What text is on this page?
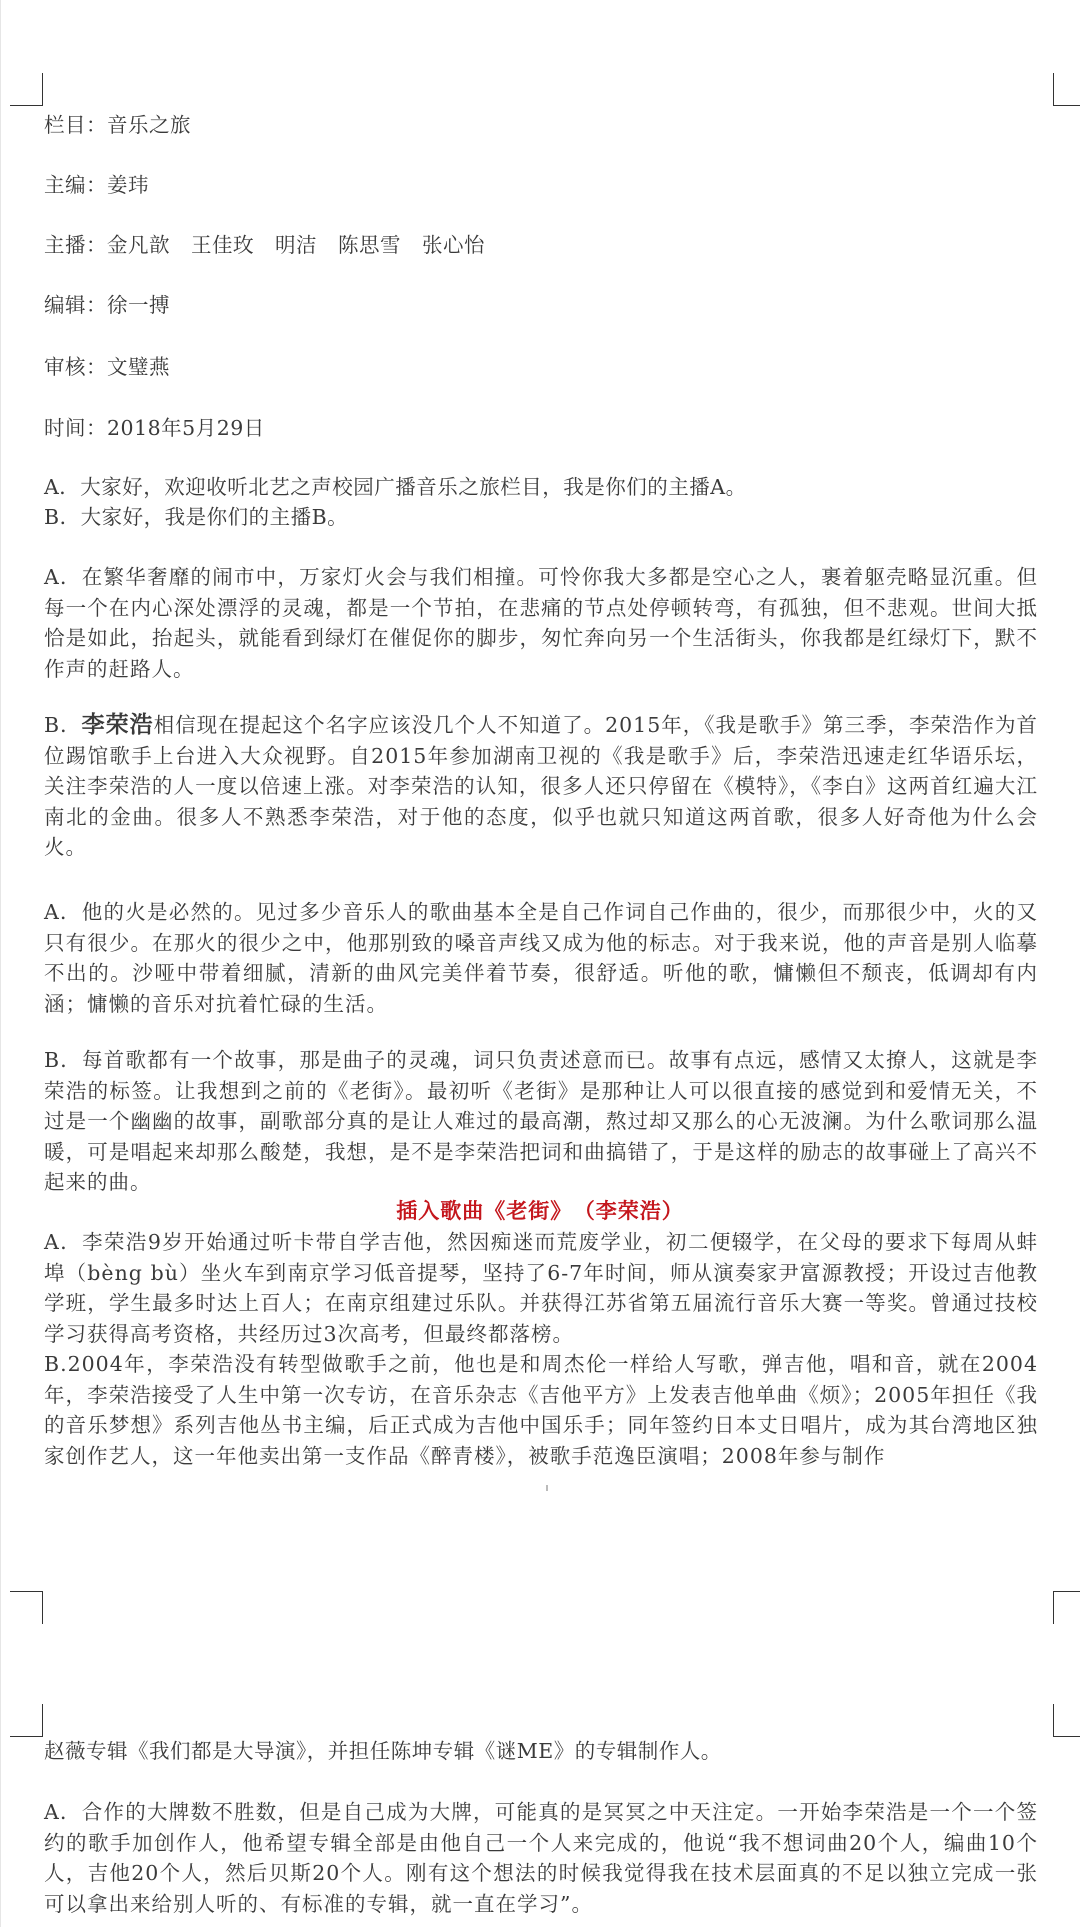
栏目：音乐之旅
主编：姜玮
主播：金凡歆　王佳玫　明洁　陈思雪　张心怡
编辑：徐一搏
审核：文璧燕
时间：2018年5月29日
A．大家好，欢迎收听北艺之声校园广播音乐之旅栏目，我是你们的主播A。
B．大家好，我是你们的主播B。
A．在繁华奢靡的闹市中，万家灯火会与我们相撞。可怜你我大多都是空心之人，裹着躯壳略显沉重。但每一个在内心深处漂浮的灵魂，都是一个节拍，在悲痛的节点处停顿转弯，有孤独，但不悲观。世间大抵恰是如此，抬起头，就能看到绿灯在催促你的脚步，匆忙奔向另一个生活街头，你我都是红绿灯下，默不作声的赶路人。
B．李荣浩相信现在提起这个名字应该没几个人不知道了。2015年，《我是歌手》第三季，李荣浩作为首位踢馆歌手上台进入大众视野。自2015年参加湖南卫视的《我是歌手》后，李荣浩迅速走红华语乐坛，关注李荣浩的人一度以倍速上涨。对李荣浩的认知，很多人还只停留在《模特》，《李白》这两首红遍大江南北的金曲。很多人不熟悉李荣浩，对于他的态度，似乎也就只知道这两首歌，很多人好奇他为什么会火。
A．他的火是必然的。见过多少音乐人的歌曲基本全是自己作词自己作曲的，很少，而那很少中，火的又只有很少。在那火的很少之中，他那别致的嗓音声线又成为他的标志。对于我来说，他的声音是别人临摹不出的。沙哑中带着细腻，清新的曲风完美伴着节奏，很舒适。听他的歌，慵懒但不颓丧，低调却有内涵；慵懒的音乐对抗着忙碌的生活。
B．每首歌都有一个故事，那是曲子的灵魂，词只负责述意而已。故事有点远，感情又太撩人，这就是李荣浩的标签。让我想到之前的《老街》。最初听《老街》是那种让人可以很直接的感觉到和爱情无关，不过是一个幽幽的故事，副歌部分真的是让人难过的最高潮，熬过却又那么的心无波澜。为什么歌词那么温暖，可是唱起来却那么酸楚，我想，是不是李荣浩把词和曲搞错了，于是这样的励志的故事碰上了高兴不起来的曲。
插入歌曲《老街》 （李荣浩）
A．李荣浩9岁开始通过听卡带自学吉他，然因痴迷而荒废学业，初二便辍学，在父母的要求下每周从蚌埠（bèng bù）坐火车到南京学习低音提琴，坚持了6-7年时间，师从演奏家尹富源教授；开设过吉他教学班，学生最多时达上百人；在南京组建过乐队。并获得江苏省第五届流行音乐大赛一等奖。曾通过技校学习获得高考资格，共经历过3次高考，但最终都落榜。
B.2004年，李荣浩没有转型做歌手之前，他也是和周杰伦一样给人写歌，弹吉他，唱和音，就在2004年，李荣浩接受了人生中第一次专访，在音乐杂志《吉他平方》上发表吉他单曲《烦》；2005年担任《我的音乐梦想》系列吉他丛书主编，后正式成为吉他中国乐手；同年签约日本丈日唱片，成为其台湾地区独家创作艺人，这一年他卖出第一支作品《醉青楼》，被歌手范逸臣演唱；2008年参与制作
赵薇专辑《我们都是大导演》，并担任陈坤专辑《谜ME》的专辑制作人。
A．合作的大牌数不胜数，但是自己成为大牌，可能真的是冥冥之中天注定。一开始李荣浩是一个一个签约的歌手加创作人，他希望专辑全部是由他自己一个人来完成的，他说“我不想词曲20个人，编曲10个人，吉他20个人，然后贝斯20个人。刚有这个想法的时候我觉得我在技术层面真的不足以独立完成一张可以拿出来给别人听的、有标准的专辑，就一直在学习”。
